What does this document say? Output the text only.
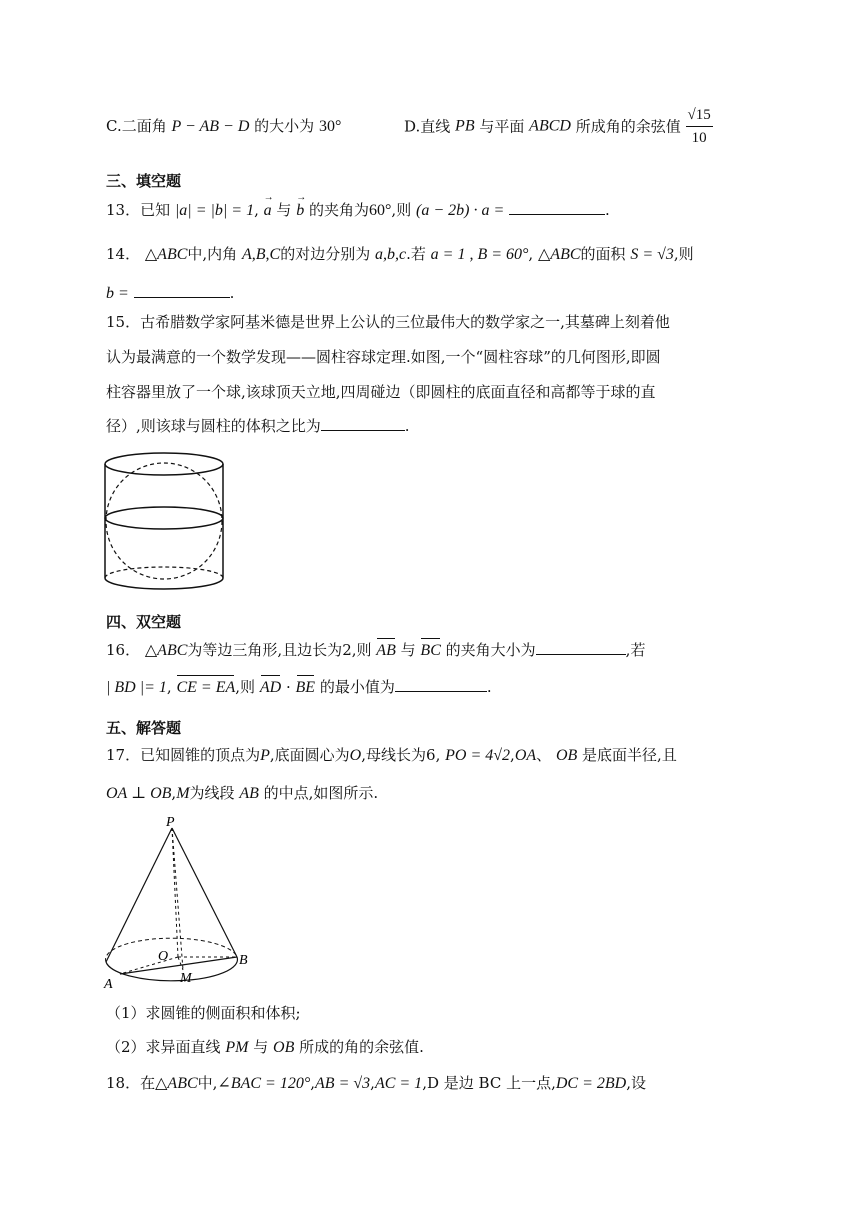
C.二面角 P − AB − D 的大小为 30°	D.直线 PB 与平面 ABCD 所成角的余弦值 $\frac{√15}{10}$
三、填空题
13．已知 |a| = |b| = 1, a → 与 b → 的夹角为60°,则 (a − 2b) · a =	.
14． △ABC中,内角 A,B,C的对边分别为 a,b,c.若 a = 1 , B = 60°, △ABC的面积 S = √3,则
b =	.
15．古希腊数学家阿基米德是世界上公认的三位最伟大的数学家之一,其墓碑上刻着他
认为最满意的一个数学发现——圆柱容球定理.如图,一个“圆柱容球”的几何图形,即圆
柱容器里放了一个球,该球顶天立地,四周碰边（即圆柱的底面直径和高都等于球的直
径）,则该球与圆柱的体积之比为	.
四、双空题
16． △ABC为等边三角形,且边长为2,则 AB 与 BC 的夹角大小为	,若
| BD |= 1, CE = EA,则 AD · BE 的最小值为	.
五、解答题
17．已知圆锥的顶点为P,底面圆心为O,母线长为6, PO = 4√2,OA、 OB 是底面半径,且
OA ⊥ OB,M为线段 AB 的中点,如图所示.
P
O
A
B
M
（1）求圆锥的侧面积和体积;
（2）求异面直线 PM 与 OB 所成的角的余弦值.
18．在△ABC中,∠BAC = 120°,AB = √3,AC = 1,D 是边 BC 上一点,DC = 2BD,设
